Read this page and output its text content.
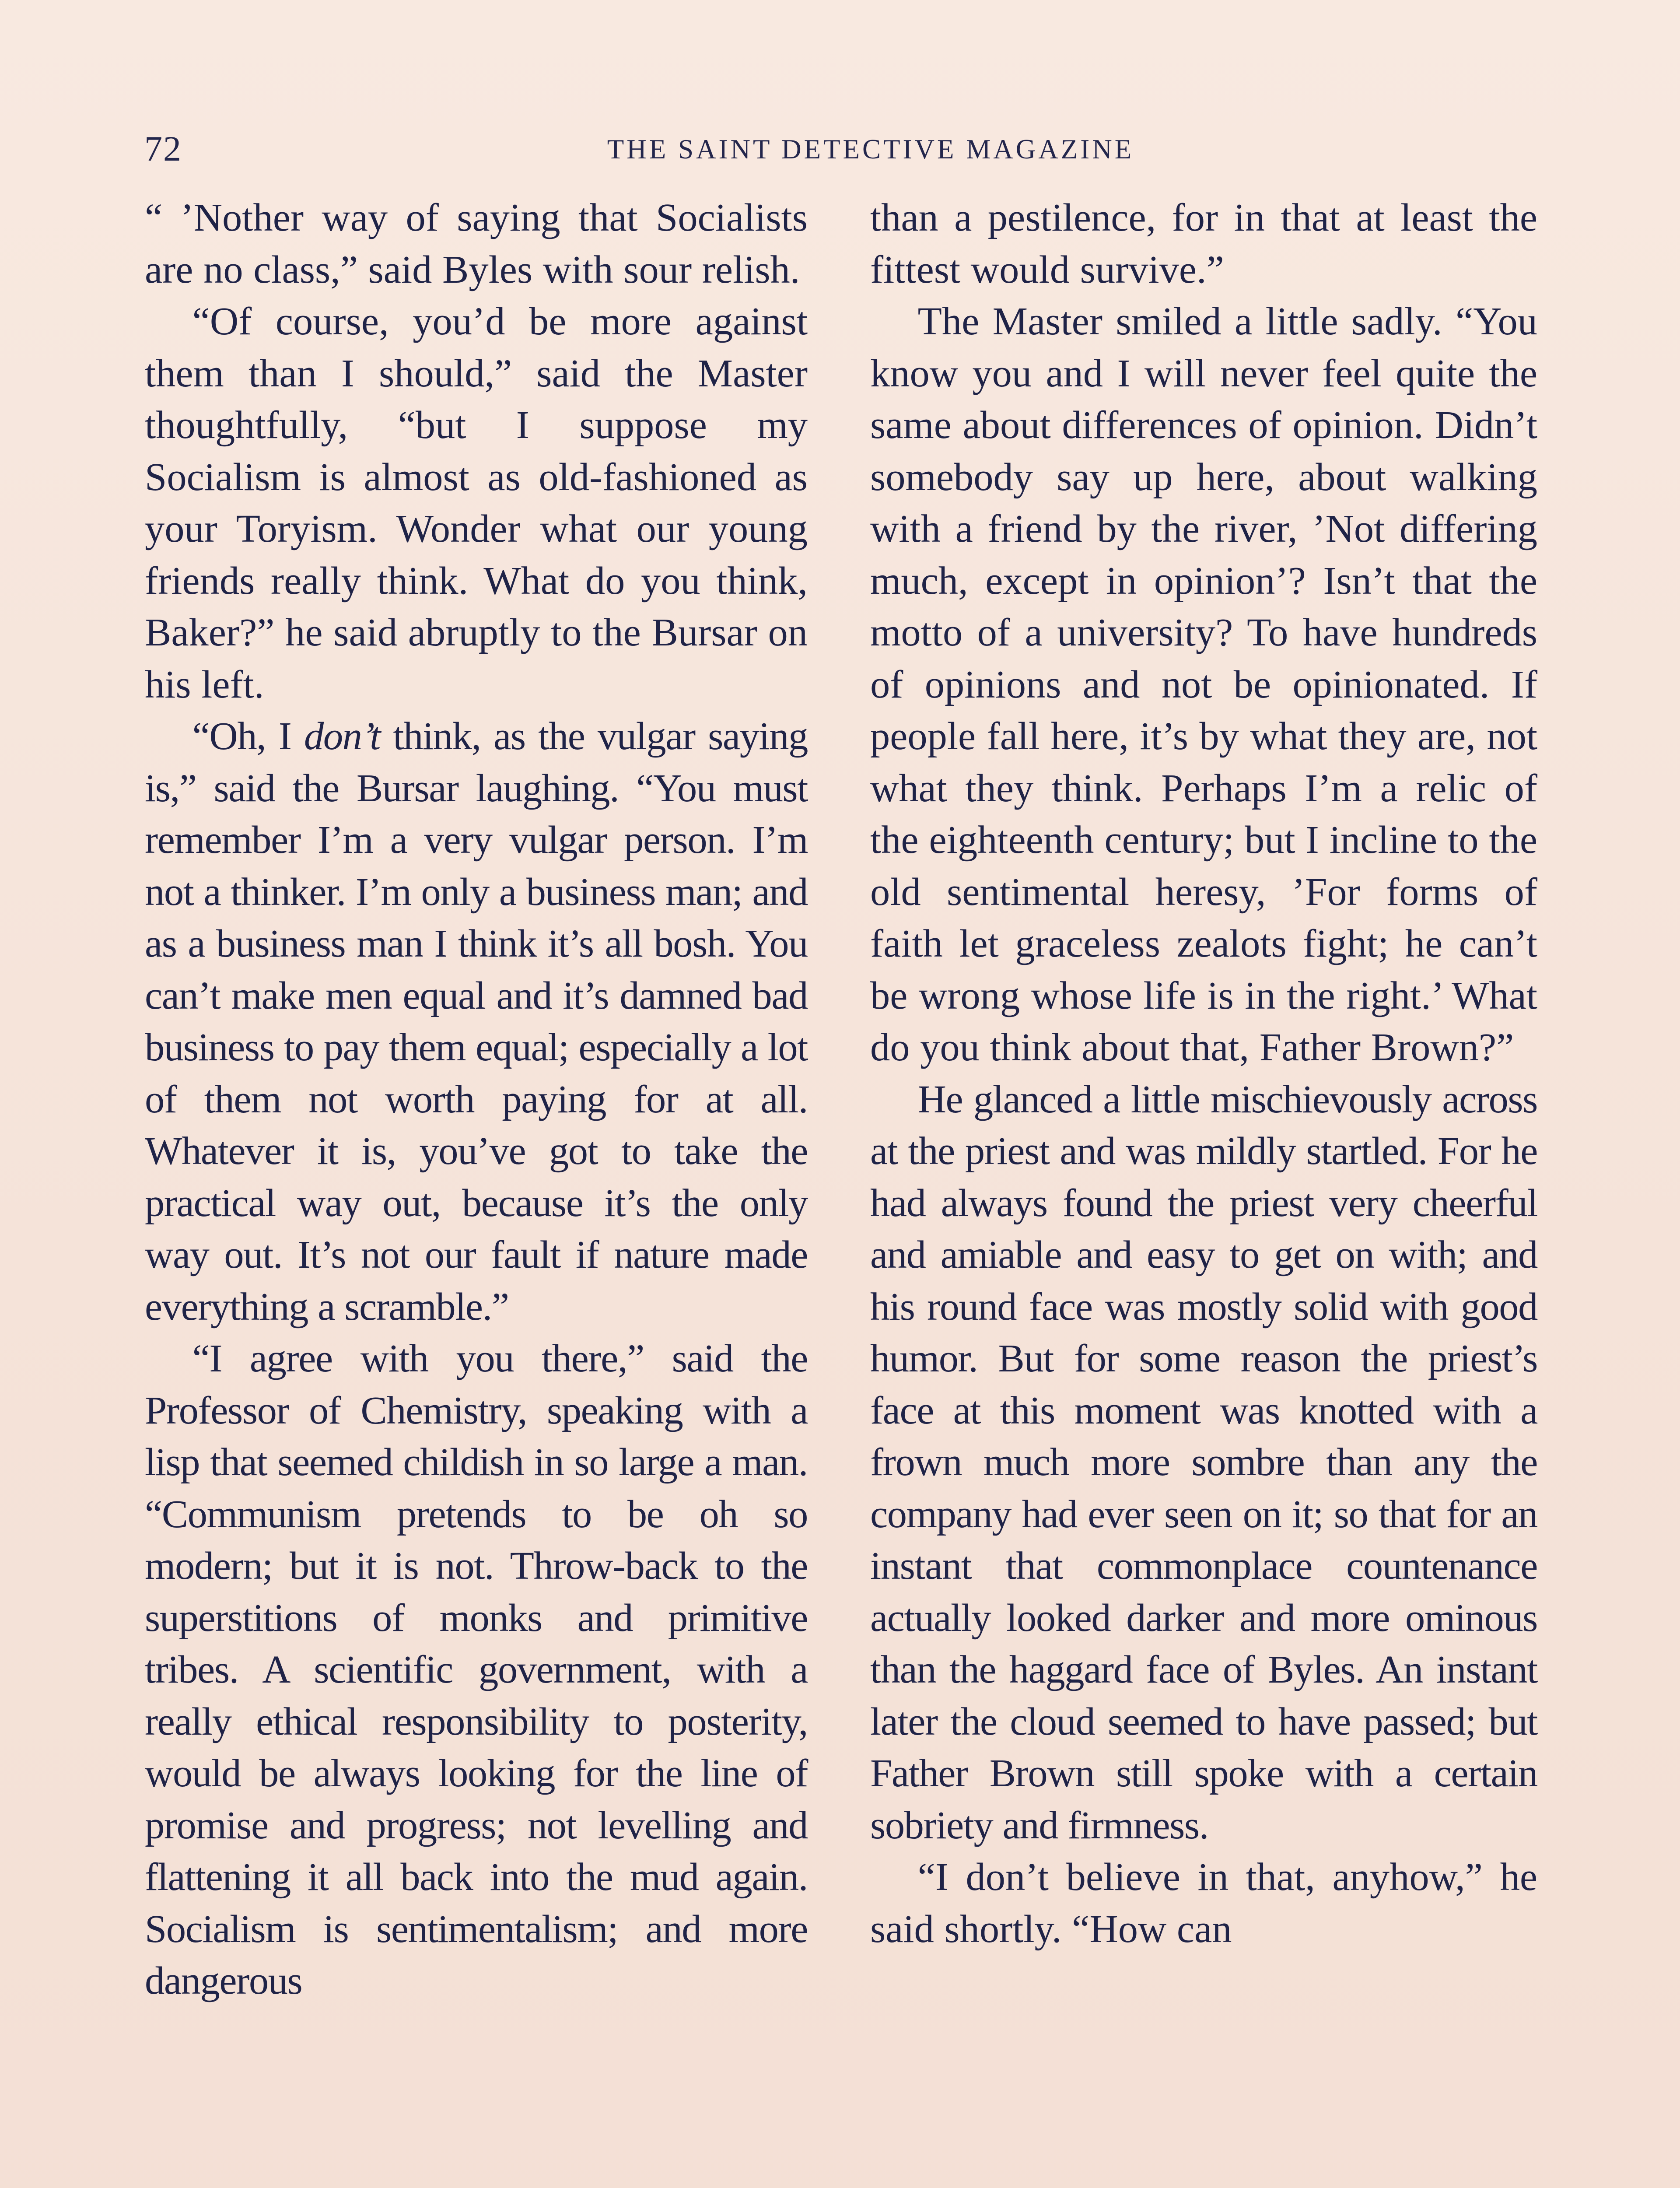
72	THE SAINT DETECTIVE MAGAZINE

“ ’Nother way of saying that Socialists are no class,” said Byles with sour relish.

“Of course, you’d be more against them than I should,” said the Master thoughtfully, “but I suppose my Socialism is almost as old-fashioned as your Toryism. Wonder what our young friends really think. What do you think, Baker?” he said abruptly to the Bursar on his left.

“Oh, I don’t think, as the vulgar saying is,” said the Bursar laughing. “You must remember I’m a very vulgar person. I’m not a thinker. I’m only a business man; and as a business man I think it’s all bosh. You can’t make men equal and it’s damned bad business to pay them equal; especially a lot of them not worth paying for at all. Whatever it is, you’ve got to take the practical way out, because it’s the only way out. It’s not our fault if nature made everything a scramble.”

“I agree with you there,” said the Professor of Chemistry, speaking with a lisp that seemed childish in so large a man. “Communism pretends to be oh so modern; but it is not. Throw-back to the superstitions of monks and primitive tribes. A scientific government, with a really ethical responsibility to posterity, would be always looking for the line of promise and progress; not levelling and flattening it all back into the mud again. Socialism is sentimentalism; and more dangerous

than a pestilence, for in that at least the fittest would survive.”

The Master smiled a little sadly. “You know you and I will never feel quite the same about differences of opinion. Didn’t somebody say up here, about walking with a friend by the river, ’Not differing much, except in opinion’? Isn’t that the motto of a university? To have hundreds of opinions and not be opinionated. If people fall here, it’s by what they are, not what they think. Perhaps I’m a relic of the eighteenth century; but I incline to the old sentimental heresy, ’For forms of faith let graceless zealots fight; he can’t be wrong whose life is in the right.’ What do you think about that, Father Brown?”

He glanced a little mischievously across at the priest and was mildly startled. For he had always found the priest very cheerful and amiable and easy to get on with; and his round face was mostly solid with good humor. But for some reason the priest’s face at this moment was knotted with a frown much more sombre than any the company had ever seen on it; so that for an instant that commonplace countenance actually looked darker and more ominous than the haggard face of Byles. An instant later the cloud seemed to have passed; but Father Brown still spoke with a certain sobriety and firmness.

“I don’t believe in that, anyhow,” he said shortly. “How can
